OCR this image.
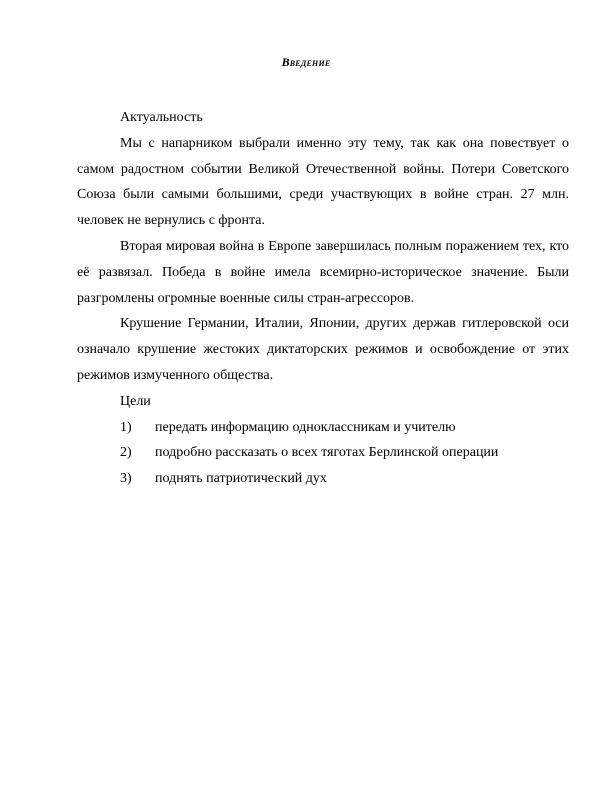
Введение

Актуальность

Мы с напарником выбрали именно эту тему, так как она повествует о самом радостном событии Великой Отечественной войны. Потери Советского Союза были самыми большими, среди участвующих в войне стран. 27 млн. человек не вернулись с фронта.

Вторая мировая война в Европе завершилась полным поражением тех, кто её развязал. Победа в войне имела всемирно-историческое значение. Были разгромлены огромные военные силы стран-агрессоров.

Крушение Германии, Италии, Японии, других держав гитлеровской оси означало крушение жестоких диктаторских режимов и освобождение от этих режимов измученного общества.

Цели

1)	передать информацию одноклассникам и учителю
2)	подробно рассказать о всех тяготах Берлинской операции
3)	поднять патриотический дух
